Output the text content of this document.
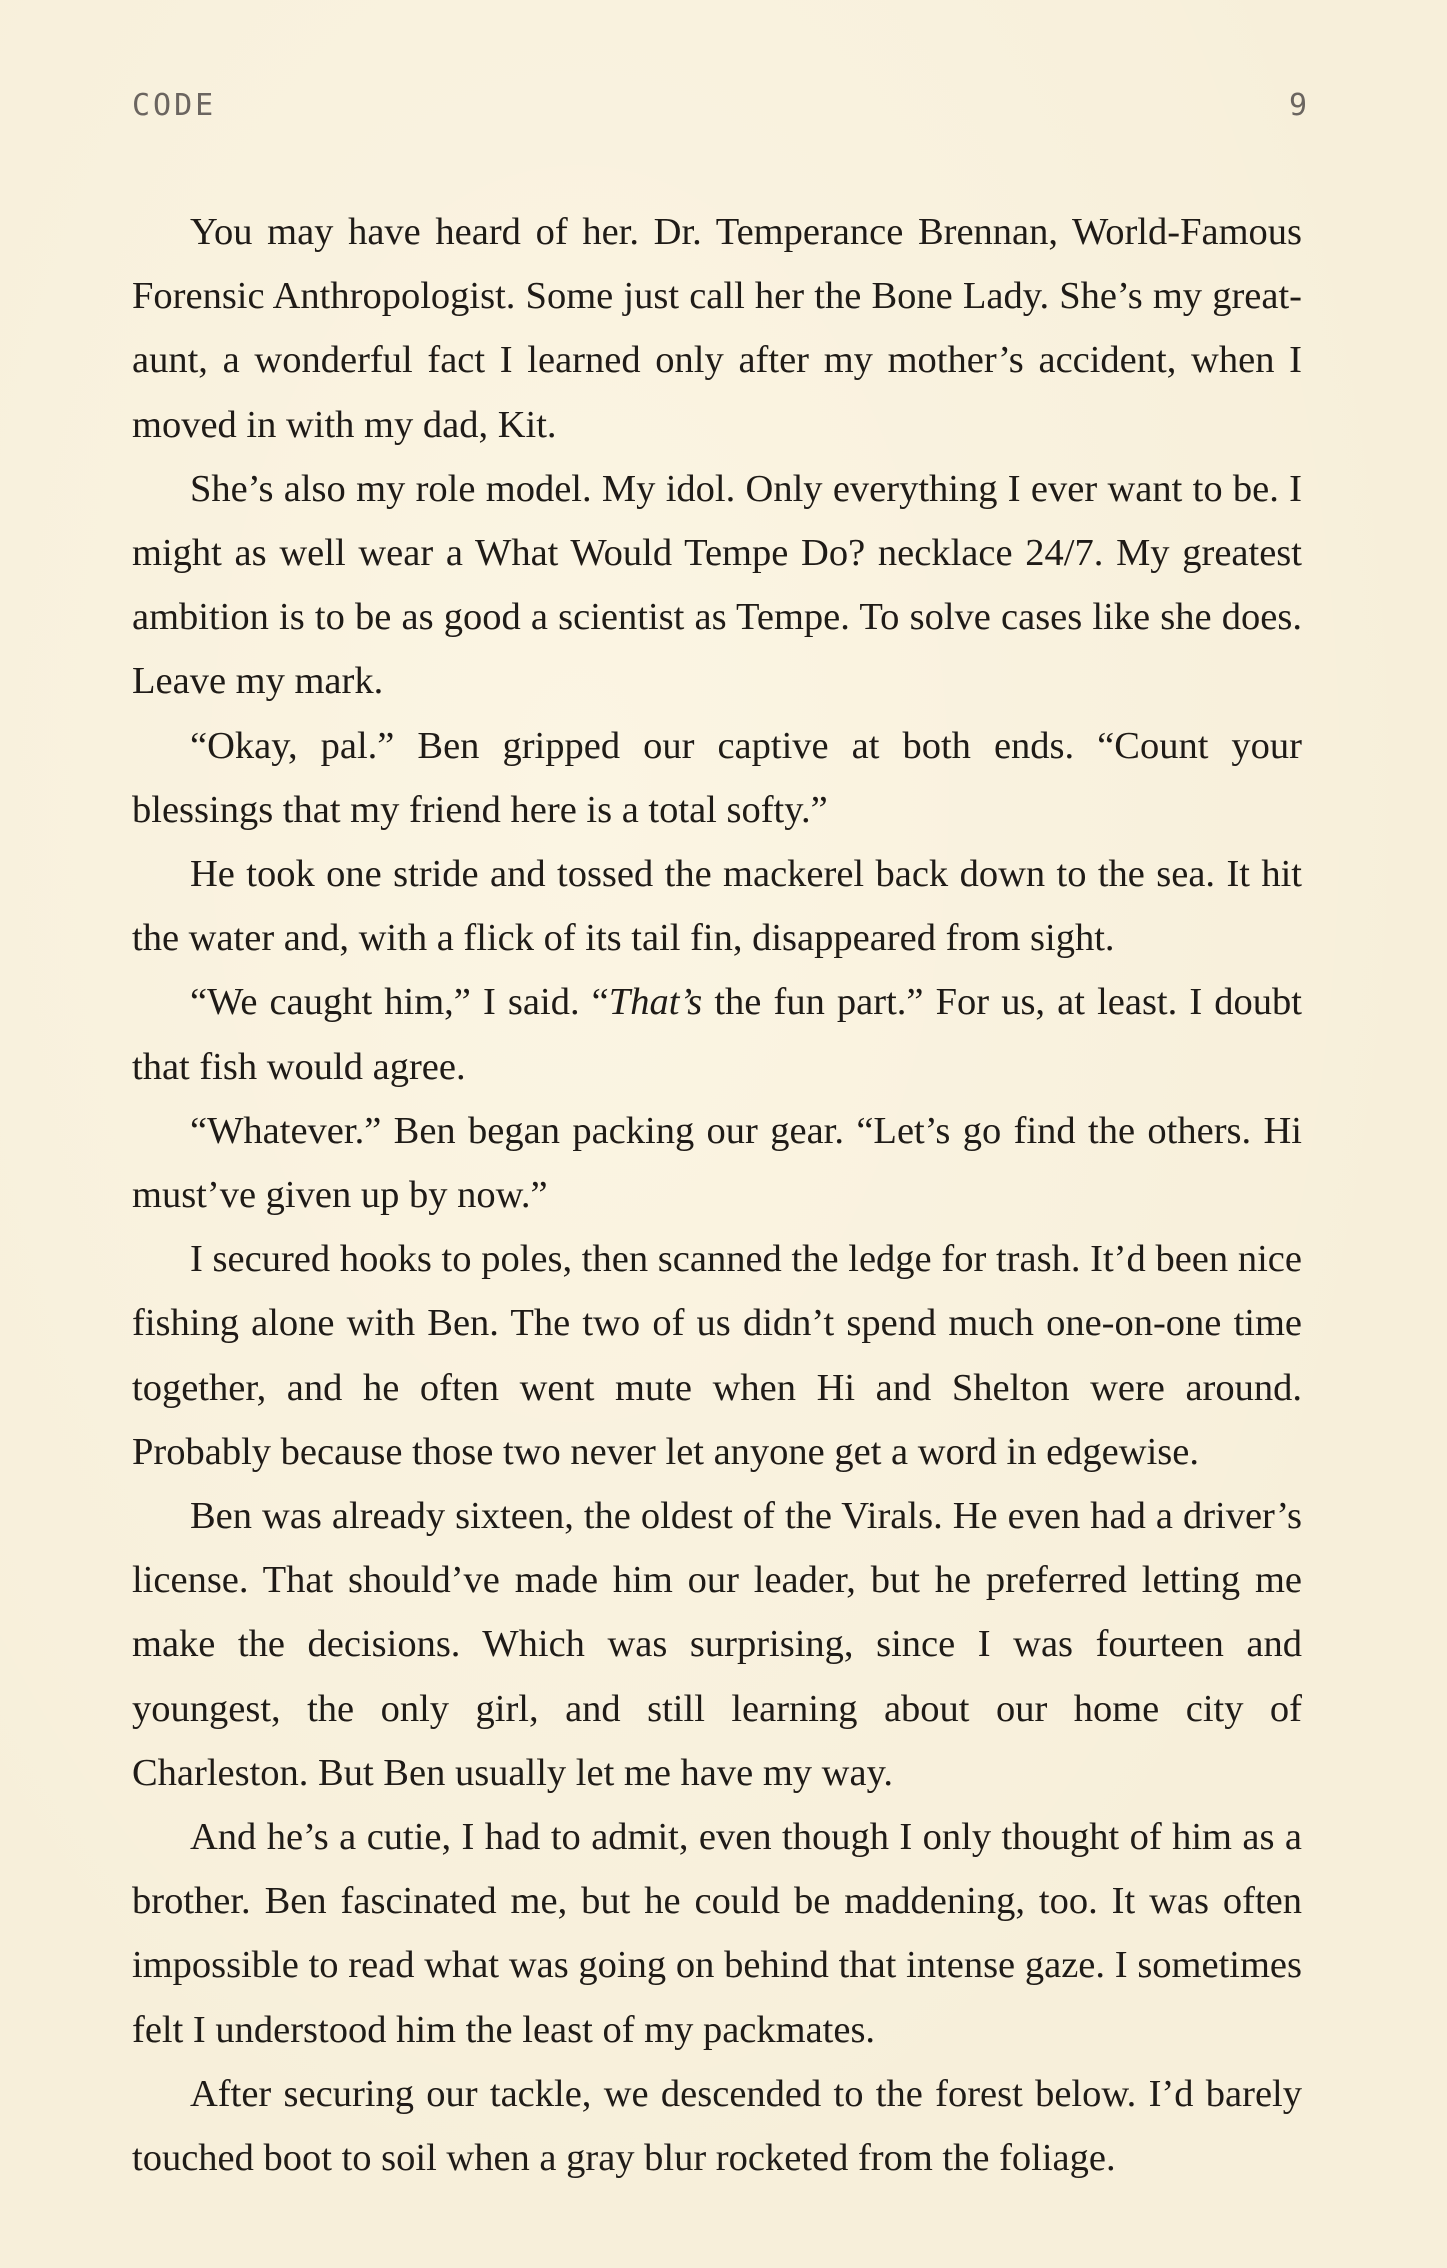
CODE	9

You may have heard of her. Dr. Temperance Brennan, World-Famous Forensic Anthropologist. Some just call her the Bone Lady. She’s my great-aunt, a wonderful fact I learned only after my mother’s accident, when I moved in with my dad, Kit.

She’s also my role model. My idol. Only everything I ever want to be. I might as well wear a What Would Tempe Do? necklace 24/7. My greatest ambition is to be as good a scientist as Tempe. To solve cases like she does. Leave my mark.

“Okay, pal.” Ben gripped our captive at both ends. “Count your blessings that my friend here is a total softy.”

He took one stride and tossed the mackerel back down to the sea. It hit the water and, with a flick of its tail fin, disappeared from sight.

“We caught him,” I said. “That’s the fun part.” For us, at least. I doubt that fish would agree.

“Whatever.” Ben began packing our gear. “Let’s go find the others. Hi must’ve given up by now.”

I secured hooks to poles, then scanned the ledge for trash. It’d been nice fishing alone with Ben. The two of us didn’t spend much one-on-one time together, and he often went mute when Hi and Shelton were around. Probably because those two never let anyone get a word in edgewise.

Ben was already sixteen, the oldest of the Virals. He even had a driver’s license. That should’ve made him our leader, but he preferred letting me make the decisions. Which was surprising, since I was fourteen and youngest, the only girl, and still learning about our home city of Charleston. But Ben usually let me have my way.

And he’s a cutie, I had to admit, even though I only thought of him as a brother. Ben fascinated me, but he could be maddening, too. It was often impossible to read what was going on behind that intense gaze. I sometimes felt I understood him the least of my packmates.

After securing our tackle, we descended to the forest below. I’d barely touched boot to soil when a gray blur rocketed from the foliage.
